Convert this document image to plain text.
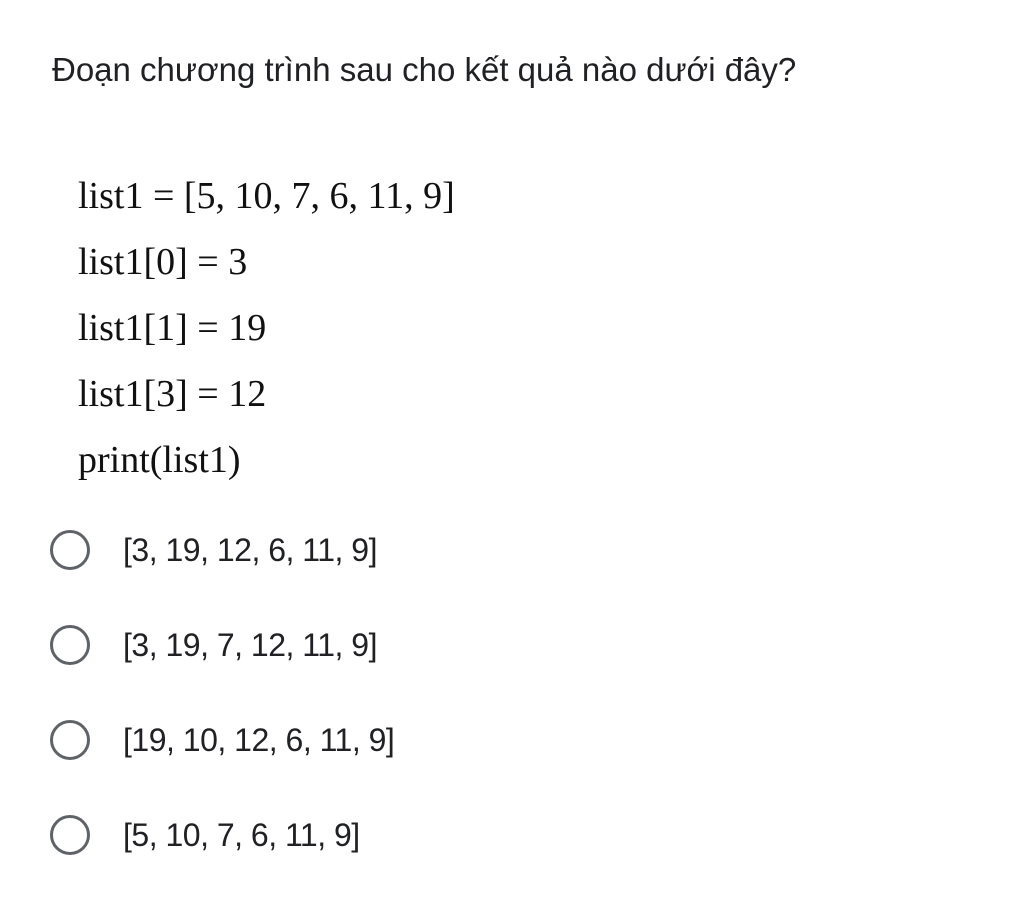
Đoạn chương trình sau cho kết quả nào dưới đây?
list1 = [5, 10, 7, 6, 11, 9]
list1[0] = 3
list1[1] = 19
list1[3] = 12
print(list1)
[3, 19, 12, 6, 11, 9]
[3, 19, 7, 12, 11, 9]
[19, 10, 12, 6, 11, 9]
[5, 10, 7, 6, 11, 9]
